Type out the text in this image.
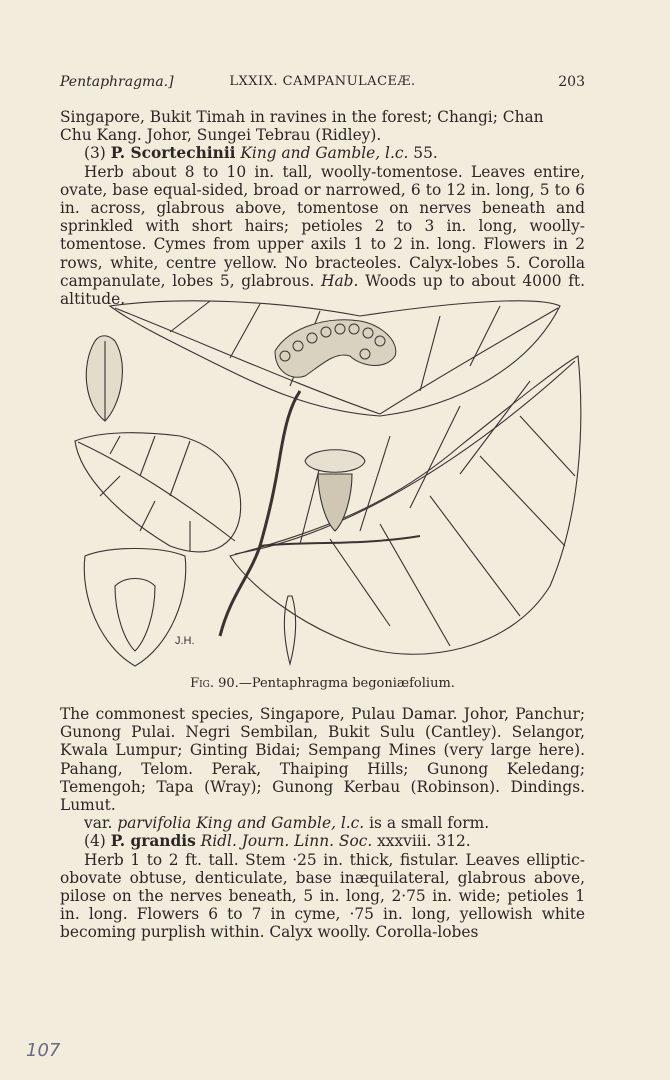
Pentaphragma.]	LXXIX. CAMPANULACEÆ.	203
Singapore, Bukit Timah in ravines in the forest; Changi; Chan
Chu Kang. Johor, Sungei Tebrau (Ridley).
(3) P. Scortechinii King and Gamble, l.c. 55.
Herb about 8 to 10 in. tall, woolly-tomentose. Leaves entire, ovate, base equal-sided, broad or narrowed, 6 to 12 in. long, 5 to 6 in. across, glabrous above, tomentose on nerves beneath and sprinkled with short hairs; petioles 2 to 3 in. long, woolly-tomentose. Cymes from upper axils 1 to 2 in. long. Flowers in 2 rows, white, centre yellow. No bracteoles. Calyx-lobes 5. Corolla campanulate, lobes 5, glabrous. Hab. Woods up to about 4000 ft. altitude.
J.H.
Fig. 90.—Pentaphragma begoniæfolium.
The commonest species, Singapore, Pulau Damar. Johor, Panchur; Gunong Pulai. Negri Sembilan, Bukit Sulu (Cantley). Selangor, Kwala Lumpur; Ginting Bidai; Sempang Mines (very large here). Pahang, Telom. Perak, Thaiping Hills; Gunong Keledang; Temengoh; Tapa (Wray); Gunong Kerbau (Robinson). Dindings. Lumut.
var. parvifolia King and Gamble, l.c. is a small form.
(4) P. grandis Ridl. Journ. Linn. Soc. xxxviii. 312.
Herb 1 to 2 ft. tall. Stem ·25 in. thick, fistular. Leaves elliptic-obovate obtuse, denticulate, base inæquilateral, glabrous above, pilose on the nerves beneath, 5 in. long, 2·75 in. wide; petioles 1 in. long. Flowers 6 to 7 in cyme, ·75 in. long, yellowish white becoming purplish within. Calyx woolly. Corolla-lobes
107
